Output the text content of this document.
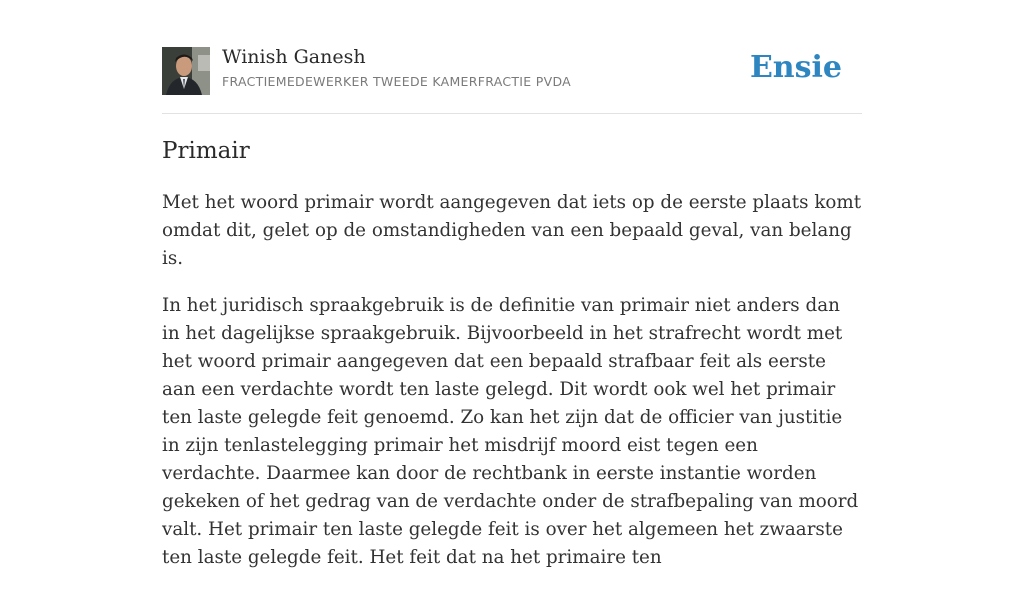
Winish Ganesh
FRACTIEMEDEWERKER TWEEDE KAMERFRACTIE PVDA	Ensie
Primair

Met het woord primair wordt aangegeven dat iets op de eerste plaats komt omdat dit, gelet op de omstandigheden van een bepaald geval, van belang is.

In het juridisch spraakgebruik is de definitie van primair niet anders dan in het dagelijkse spraakgebruik. Bijvoorbeeld in het strafrecht wordt met het woord primair aangegeven dat een bepaald strafbaar feit als eerste aan een verdachte wordt ten laste gelegd. Dit wordt ook wel het primair ten laste gelegde feit genoemd. Zo kan het zijn dat de officier van justitie in zijn tenlastelegging primair het misdrijf moord eist tegen een verdachte. Daarmee kan door de rechtbank in eerste instantie worden gekeken of het gedrag van de verdachte onder de strafbepaling van moord valt. Het primair ten laste gelegde feit is over het algemeen het zwaarste ten laste gelegde feit. Het feit dat na het primaire ten
